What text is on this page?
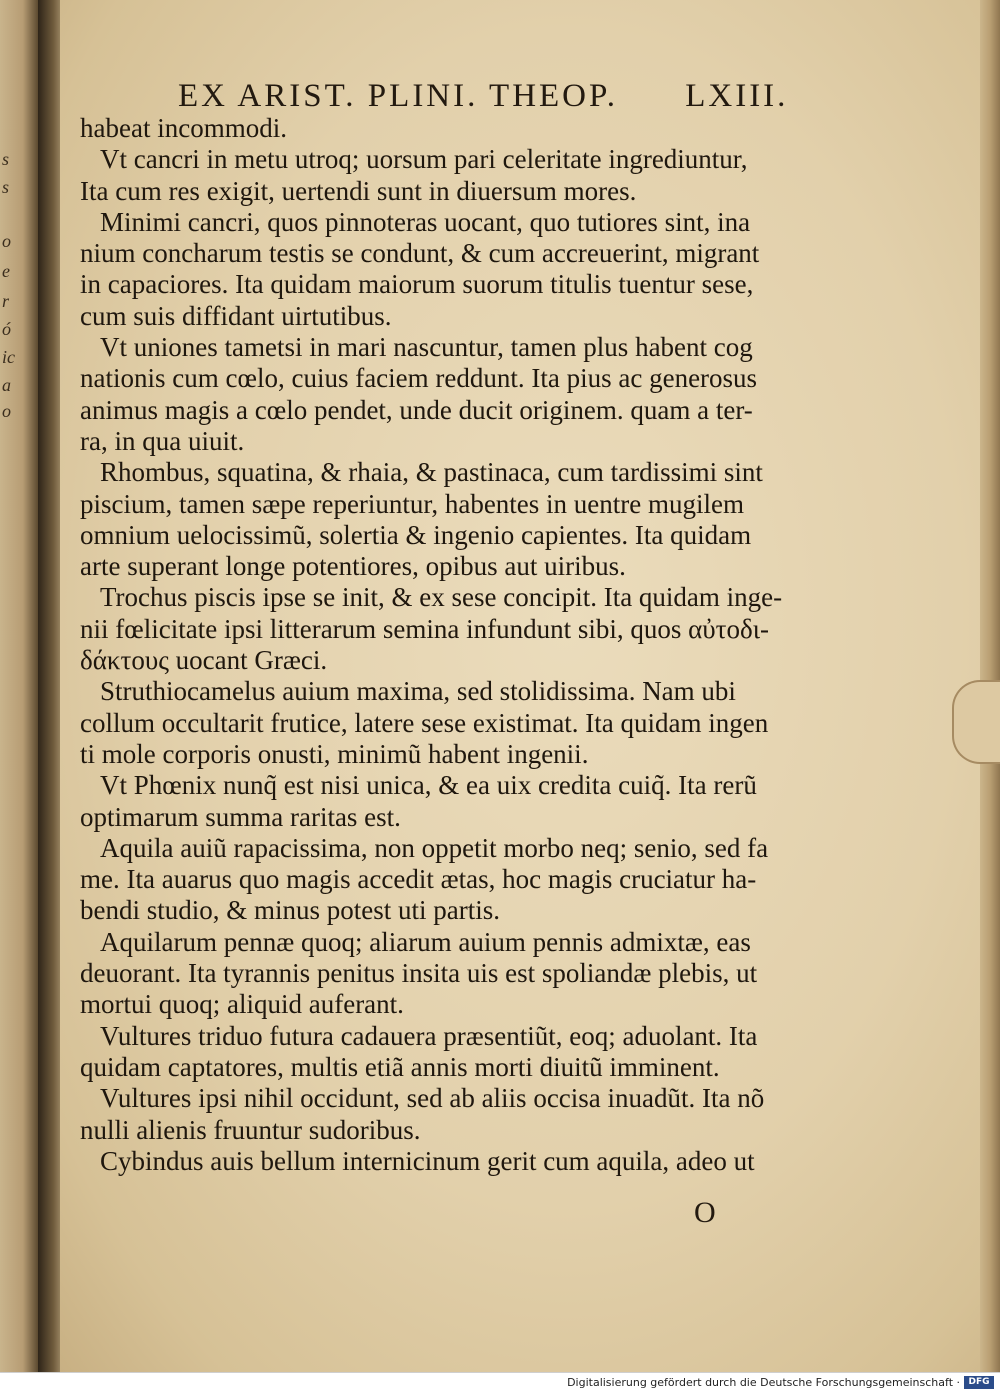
s
s
o
e
r
ó
ic
a
o
EX ARIST. PLINI. THEOP. LXIII.
habeat incommodi.
Vt cancri in metu utroq; uorsum pari celeritate ingrediuntur,
Ita cum res exigit, uertendi sunt in diuersum mores.
Minimi cancri, quos pinnoteras uocant, quo tutiores sint, ina
nium concharum testis se condunt, & cum accreuerint, migrant
in capaciores. Ita quidam maiorum suorum titulis tuentur sese,
cum suis diffidant uirtutibus.
Vt uniones tametsi in mari nascuntur, tamen plus habent cog
nationis cum cœlo, cuius faciem reddunt. Ita pius ac generosus
animus magis a cœlo pendet, unde ducit originem. quam a ter-
ra, in qua uiuit.
Rhombus, squatina, & rhaia, & pastinaca, cum tardissimi sint
piscium, tamen sæpe reperiuntur, habentes in uentre mugilem
omnium uelocissimũ, solertia & ingenio capientes. Ita quidam
arte superant longe potentiores, opibus aut uiribus.
Trochus piscis ipse se init, & ex sese concipit. Ita quidam inge-
nii fœlicitate ipsi litterarum semina infundunt sibi, quos αὐτοδι-
δάκτους uocant Græci.
Struthiocamelus auium maxima, sed stolidissima. Nam ubi
collum occultarit frutice, latere sese existimat. Ita quidam ingen
ti mole corporis onusti, minimũ habent ingenii.
Vt Phœnix nunq̃ est nisi unica, & ea uix credita cuiq̃. Ita rerũ
optimarum summa raritas est.
Aquila auiũ rapacissima, non oppetit morbo neq; senio, sed fa
me. Ita auarus quo magis accedit ætas, hoc magis cruciatur ha-
bendi studio, & minus potest uti partis.
Aquilarum pennæ quoq; aliarum auium pennis admixtæ, eas
deuorant. Ita tyrannis penitus insita uis est spoliandæ plebis, ut
mortui quoq; aliquid auferant.
Vultures triduo futura cadauera præsentiũt, eoq; aduolant. Ita
quidam captatores, multis etiã annis morti diuitũ imminent.
Vultures ipsi nihil occidunt, sed ab aliis occisa inuadũt. Ita nõ
nulli alienis fruuntur sudoribus.
Cybindus auis bellum internicinum gerit cum aquila, adeo ut
O
Digitalisierung gefördert durch die Deutsche Forschungsgemeinschaft · DFG
